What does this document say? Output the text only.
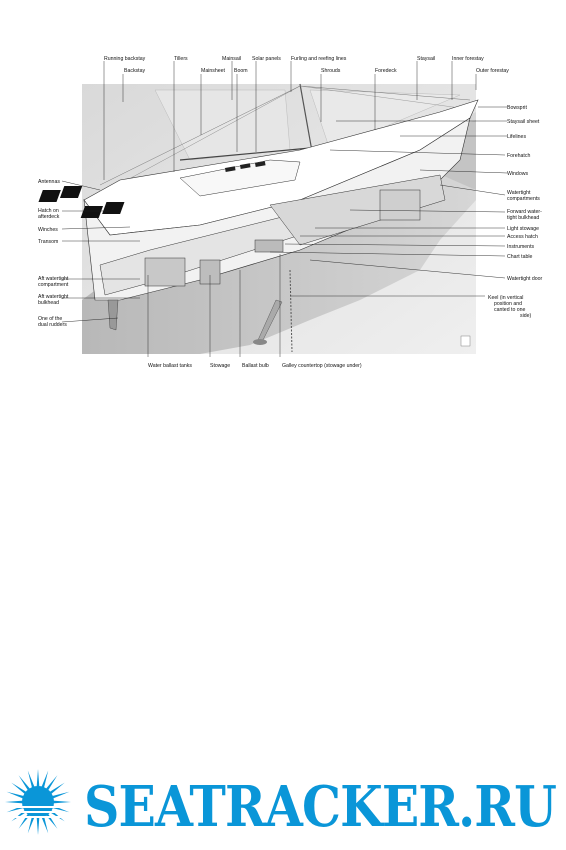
Running backstay
Backstay
Tillers
Mainsheet
Mainsail
Boom
Solar panels Furling and reefing lines
Shrouds	Foredeck
Staysail	Inner forestay
Outer forestay
Bowsprit
Staysail sheet
Lifelines
Forehatch
Windows
Watertight compartments
Forward water- tight bulkhead
Light stowage
Access hatch
Instruments
Chart table
Watertight door
Keel (in vertical position and canted to one side)
Antennas
Hatch on afterdeck
Winches
Transom
Aft watertight compartment
Aft watertight bulkhead
One of the dual rudders
Water ballast tanks	Stowage Ballast bulb	Galley countertop (stowage under)
SEATRACKER.RU
